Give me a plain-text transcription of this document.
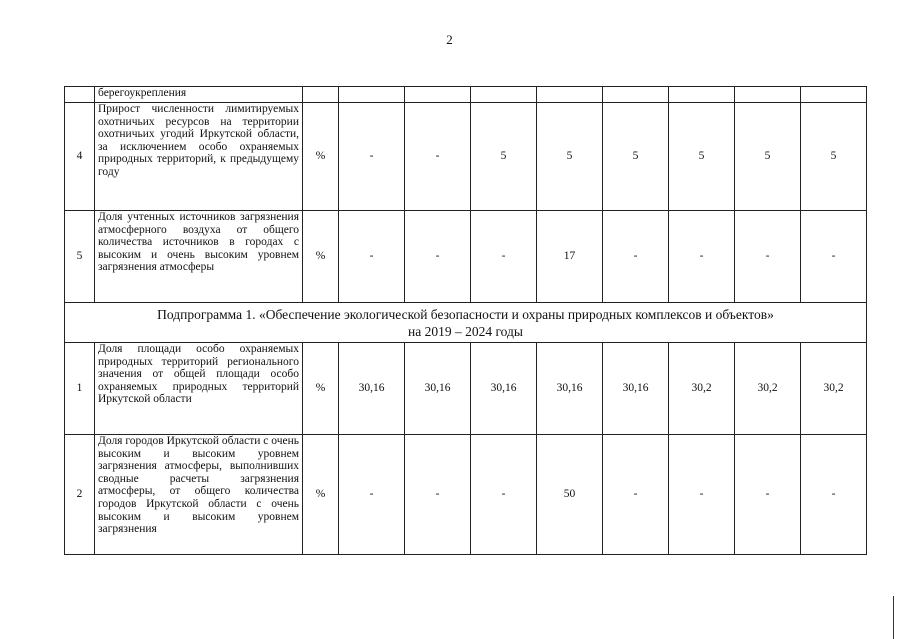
2
	берегоукрепления									
4	Прирост численности лимитируемых охотничьих ресурсов на территории охотничьих угодий Иркутской области, за исключением особо охраняемых природных территорий, к предыдущему году	%	-	-	5	5	5	5	5	5
5	Доля учтенных источников загрязнения атмосферного воздуха от общего количества источников в городах с высоким и очень высоким уровнем загрязнения атмосферы	%	-	-	-	17	-	-	-	-

Подпрограмма 1. «Обеспечение экологической безопасности и охраны природных комплексов и объектов»
на 2019 – 2024 годы										

1	Доля площади особо охраняемых природных территорий регионального значения от общей площади особо охраняемых природных территорий Иркутской области	%	30,16	30,16	30,16	30,16	30,16	30,2	30,2	30,2
2	Доля городов Иркутской области с очень высоким и высоким уровнем загрязнения атмосферы, выполнивших сводные расчеты загрязнения атмосферы, от общего количества городов Иркутской области с очень высоким и высоким уровнем загрязнения	%	-	-	-	50	-	-	-	-
